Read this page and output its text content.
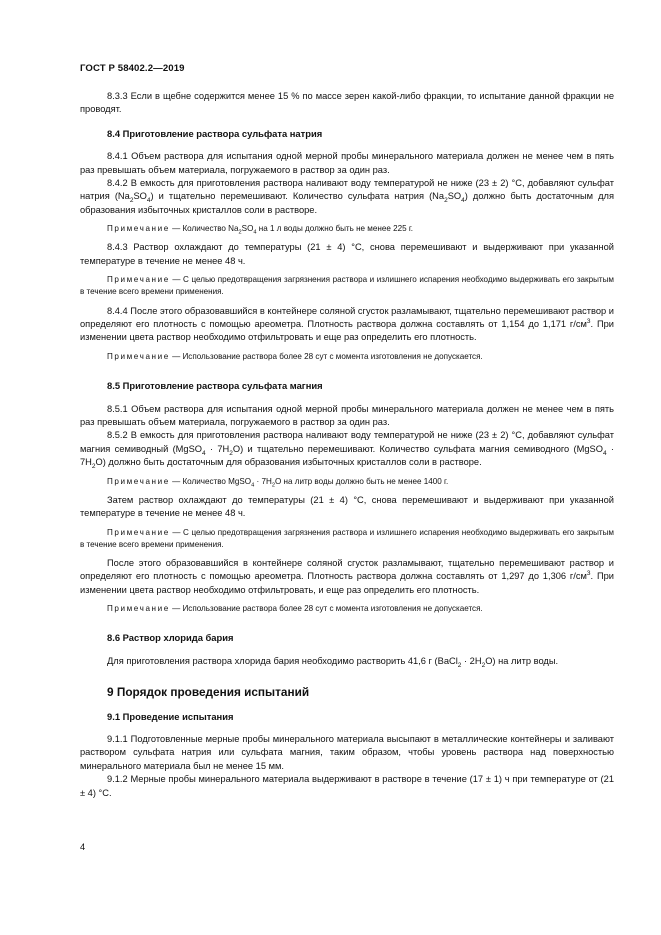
ГОСТ Р 58402.2—2019

8.3.3 Если в щебне содержится менее 15 % по массе зерен какой-либо фракции, то испытание данной фракции не проводят.

8.4 Приготовление раствора сульфата натрия

8.4.1 Объем раствора для испытания одной мерной пробы минерального материала должен не менее чем в пять раз превышать объем материала, погружаемого в раствор за один раз.

8.4.2 В емкость для приготовления раствора наливают воду температурой не ниже (23 ± 2) °С, добавляют сульфат натрия $(Na_2SO_4)$ и тщательно перемешивают. Количество сульфата натрия $(Na_2SO_4)$ должно быть достаточным для образования избыточных кристаллов соли в растворе.

Примечание — Количество $Na_2SO_4$ на 1 л воды должно быть не менее 225 г.

8.4.3 Раствор охлаждают до температуры (21 ± 4) °С, снова перемешивают и выдерживают при указанной температуре в течение не менее 48 ч.

Примечание — С целью предотвращения загрязнения раствора и излишнего испарения необходимо выдерживать его закрытым в течение всего времени применения.

8.4.4 После этого образовавшийся в контейнере соляной сгусток разламывают, тщательно перемешивают раствор и определяют его плотность с помощью ареометра. Плотность раствора должна составлять от 1,154 до 1,171 $г/см^3$. При изменении цвета раствор необходимо отфильтровать и еще раз определить его плотность.

Примечание — Использование раствора более 28 сут с момента изготовления не допускается.

8.5 Приготовление раствора сульфата магния

8.5.1 Объем раствора для испытания одной мерной пробы минерального материала должен не менее чем в пять раз превышать объем материала, погружаемого в раствор за один раз.

8.5.2 В емкость для приготовления раствора наливают воду температурой не ниже (23 ± 2) °С, добавляют сульфат магния семиводный (MgSO$_4$ · $7H_2O$) и тщательно перемешивают. Количество сульфата магния семиводного (MgSO$_4$ · $7H_2O$) должно быть достаточным для образования избыточных кристаллов соли в растворе.

Примечание — Количество MgSO$_4$ · $7H_2O$ на литр воды должно быть не менее 1400 г.

Затем раствор охлаждают до температуры (21 ± 4) °С, снова перемешивают и выдерживают при указанной температуре в течение не менее 48 ч.

Примечание — С целью предотвращения загрязнения раствора и излишнего испарения необходимо выдерживать его закрытым в течение всего времени применения.

После этого образовавшийся в контейнере соляной сгусток разламывают, тщательно перемешивают раствор и определяют его плотность с помощью ареометра. Плотность раствора должна составлять от 1,297 до 1,306 $г/см^3$. При изменении цвета раствор необходимо отфильтровать, и еще раз определить его плотность.

Примечание — Использование раствора более 28 сут с момента изготовления не допускается.

8.6 Раствор хлорида бария

Для приготовления раствора хлорида бария необходимо растворить 41,6 г (BaCl$_2$ · $2H_2O$) на литр воды.

9 Порядок проведения испытаний

9.1 Проведение испытания

9.1.1 Подготовленные мерные пробы минерального материала высыпают в металлические контейнеры и заливают раствором сульфата натрия или сульфата магния, таким образом, чтобы уровень раствора над поверхностью минерального материала был не менее 15 мм.

9.1.2 Мерные пробы минерального материала выдерживают в растворе в течение (17 ± 1) ч при температуре от (21 ± 4) °С.

4
